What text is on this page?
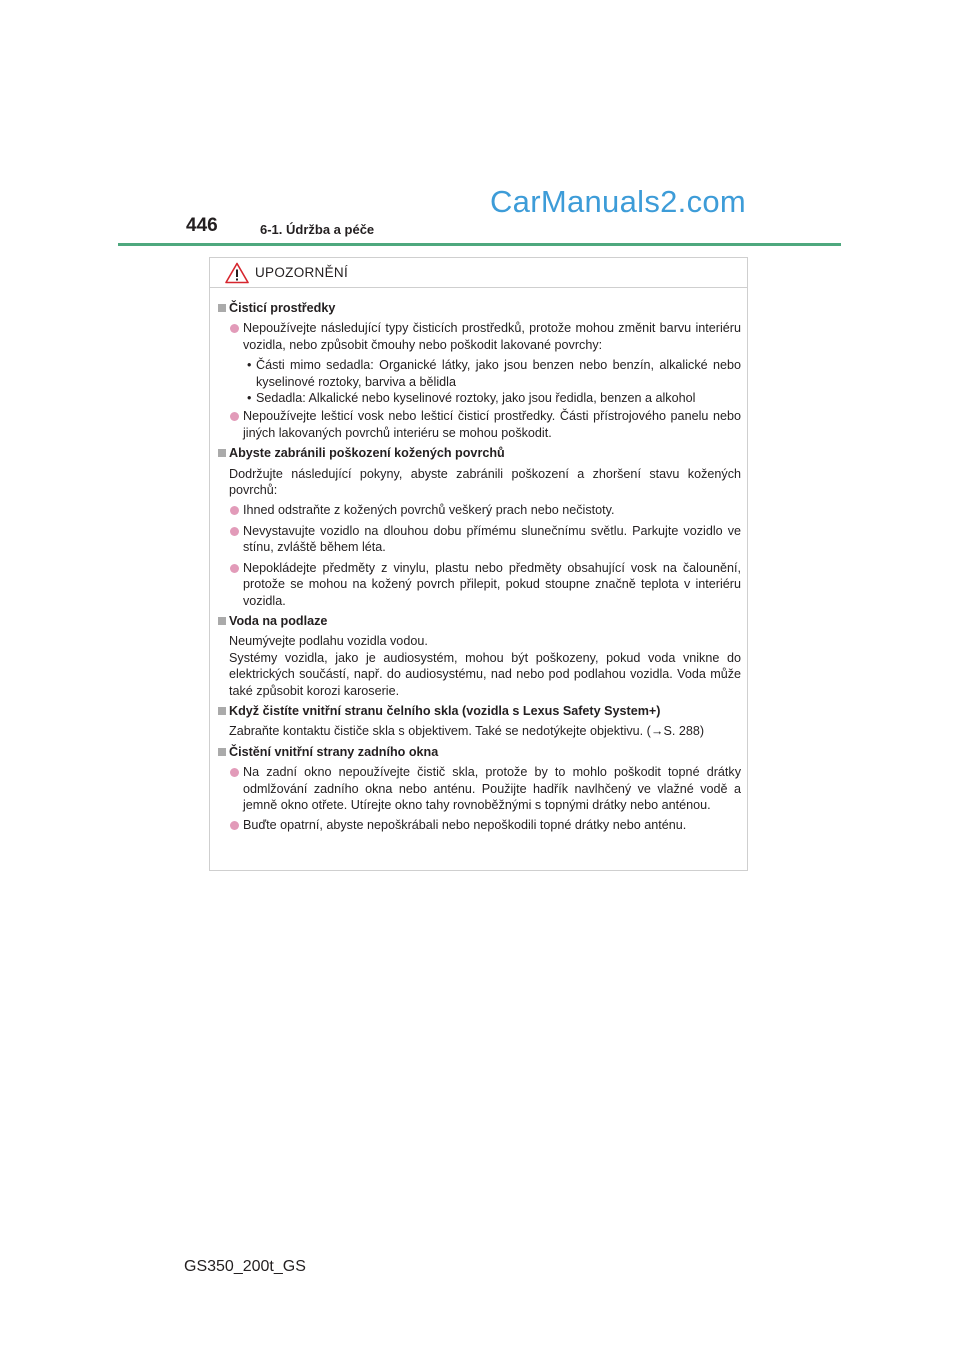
446	6-1. Údržba a péče
CarManuals2.com
UPOZORNĚNÍ
Čisticí prostředky
Nepoužívejte následující typy čisticích prostředků, protože mohou změnit barvu interiéru vozidla, nebo způsobit čmouhy nebo poškodit lakované povrchy:
• Části mimo sedadla: Organické látky, jako jsou benzen nebo benzín, alkalické nebo kyselinové roztoky, barviva a bělidla
• Sedadla: Alkalické nebo kyselinové roztoky, jako jsou ředidla, benzen a alkohol
Nepoužívejte lešticí vosk nebo lešticí čisticí prostředky. Části přístrojového panelu nebo jiných lakovaných povrchů interiéru se mohou poškodit.
Abyste zabránili poškození kožených povrchů
Dodržujte následující pokyny, abyste zabránili poškození a zhoršení stavu kožených povrchů:
Ihned odstraňte z kožených povrchů veškerý prach nebo nečistoty.
Nevystavujte vozidlo na dlouhou dobu přímému slunečnímu světlu. Parkujte vozidlo ve stínu, zvláště během léta.
Nepokládejte předměty z vinylu, plastu nebo předměty obsahující vosk na čalounění, protože se mohou na kožený povrch přilepit, pokud stoupne značně teplota v interiéru vozidla.
Voda na podlaze
Neumývejte podlahu vozidla vodou.
Systémy vozidla, jako je audiosystém, mohou být poškozeny, pokud voda vnikne do elektrických součástí, např. do audiosystému, nad nebo pod podlahou vozidla. Voda může také způsobit korozi karoserie.
Když čistíte vnitřní stranu čelního skla (vozidla s Lexus Safety System+)
Zabraňte kontaktu čističe skla s objektivem. Také se nedotýkejte objektivu. (→S. 288)
Čistění vnitřní strany zadního okna
Na zadní okno nepoužívejte čistič skla, protože by to mohlo poškodit topné drátky odmlžování zadního okna nebo anténu. Použijte hadřík navlhčený ve vlažné vodě a jemně okno otřete. Utírejte okno tahy rovnoběžnými s topnými drátky nebo anténou.
Buďte opatrní, abyste nepoškrábali nebo nepoškodili topné drátky nebo anténu.
GS350_200t_GS
